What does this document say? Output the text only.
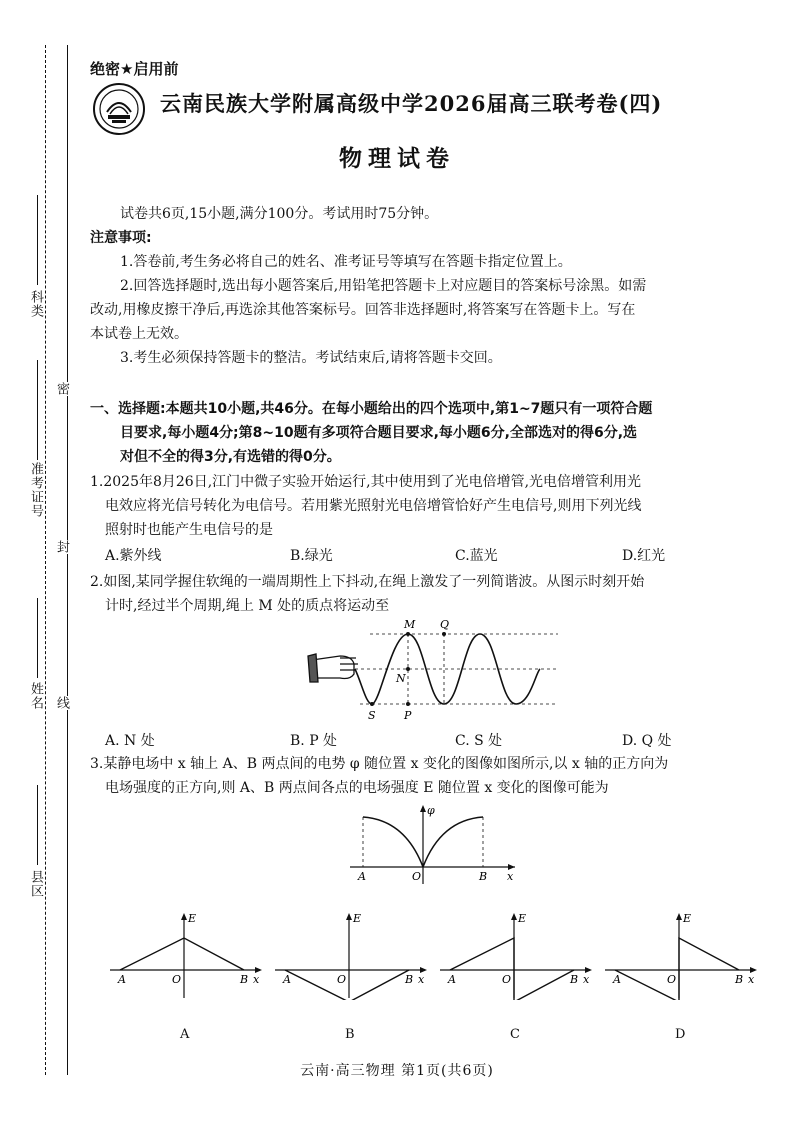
科类
密
准考证号
封
姓名 线
县区
绝密★启用前
云南民族大学附属高级中学2026届高三联考卷(四)
物理试卷
试卷共6页,15小题,满分100分。考试用时75分钟。
注意事项:
1.答卷前,考生务必将自己的姓名、准考证号等填写在答题卡指定位置上。
2.回答选择题时,选出每小题答案后,用铅笔把答题卡上对应题目的答案标号涂黑。如需
改动,用橡皮擦干净后,再选涂其他答案标号。回答非选择题时,将答案写在答题卡上。写在
本试卷上无效。
3.考生必须保持答题卡的整洁。考试结束后,请将答题卡交回。
一、选择题:本题共10小题,共46分。在每小题给出的四个选项中,第1~7题只有一项符合题
目要求,每小题4分;第8~10题有多项符合题目要求,每小题6分,全部选对的得6分,选
对但不全的得3分,有选错的得0分。
1.2025年8月26日,江门中微子实验开始运行,其中使用到了光电倍增管,光电倍增管利用光
电效应将光信号转化为电信号。若用紫光照射光电倍增管恰好产生电信号,则用下列光线
照射时也能产生电信号的是
A.紫外线	B.绿光	C.蓝光	D.红光
2.如图,某同学握住软绳的一端周期性上下抖动,在绳上激发了一列简谐波。从图示时刻开始
计时,经过半个周期,绳上 M 处的质点将运动至
M Q
N
S	P
A. N 处	B. P 处	C. S 处	D. Q 处
3.某静电场中 x 轴上 A、B 两点间的电势 φ 随位置 x 变化的图像如图所示,以 x 轴的正方向为
电场强度的正方向,则 A、B 两点间各点的电场强度 E 随位置 x 变化的图像可能为
φ
A	O	B x
E
A	O	B x
E
A	O	B x
E
A	O	B x
E
A	O	B x
A	B	C	D
云南·高三物理 第1页(共6页)
